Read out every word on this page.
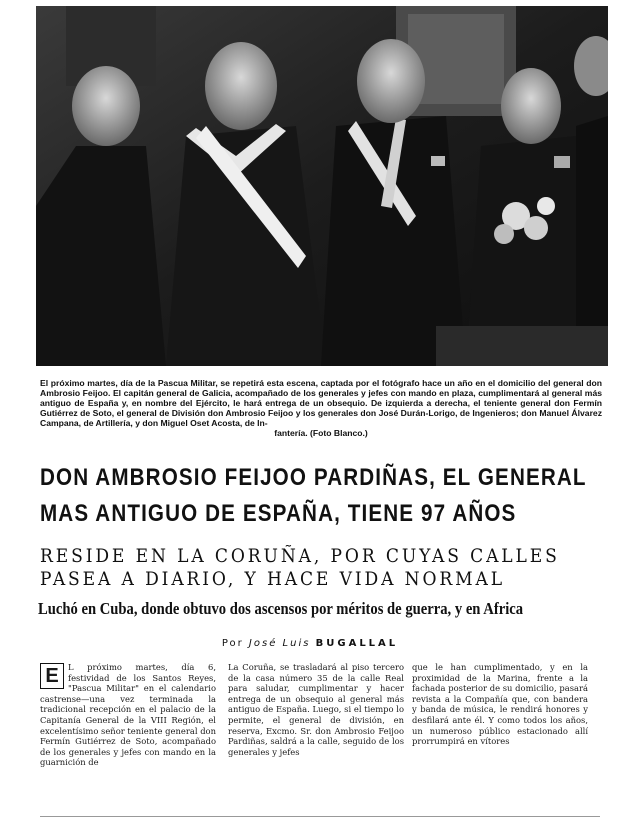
El próximo martes, día de la Pascua Militar, se repetirá esta escena, captada por el fotógrafo hace un año en el domicilio del general don Ambrosio Feijoo. El capitán general de Galicia, acompañado de los generales y jefes con mando en plaza, cumplimentará al general más antiguo de España y, en nombre del Ejército, le hará entrega de un obsequio. De izquierda a derecha, el teniente general don Fermín Gutiérrez de Soto, el general de División don Ambrosio Feijoo y los generales don José Durán-Lorigo, de Ingenieros; don Manuel Álvarez Campana, de Artillería, y don Miguel Oset Acosta, de In-
fantería. (Foto Blanco.)

DON AMBROSIO FEIJOO PARDIÑAS, EL GENERAL
MAS ANTIGUO DE ESPAÑA, TIENE 97 AÑOS
RESIDE EN LA CORUÑA, POR CUYAS CALLES
PASEA A DIARIO, Y HACE VIDA NORMAL

Luchó en Cuba, donde obtuvo dos ascensos por méritos de guerra, y en Africa

Por José Luis BUGALLAL

E	L próximo martes, día 6, festividad de los Santos Reyes, "Pascua Militar" en el calendario castrense—una vez terminada la tradicional recepción en el palacio de la Capitanía General de la VIII Región, el excelentísimo señor teniente general don Fermín Gutiérrez de Soto, acompañado de los generales y jefes con mando en la guarnición de

La Coruña, se trasladará al piso tercero de la casa número 35 de la calle Real para saludar, cumplimentar y hacer entrega de un obsequio al general más antiguo de España. Luego, si el tiempo lo permite, el general de división, en reserva, Excmo. Sr. don Ambrosio Feijoo Pardiñas, saldrá a la calle, seguido de los generales y jefes

que le han cumplimentado, y en la proximidad de la Marina, frente a la fachada posterior de su domicilio, pasará revista a la Compañía que, con bandera y banda de música, le rendirá honores y desfilará ante él. Y como todos los años, un numeroso público estacionado allí prorrumpirá en vítores
